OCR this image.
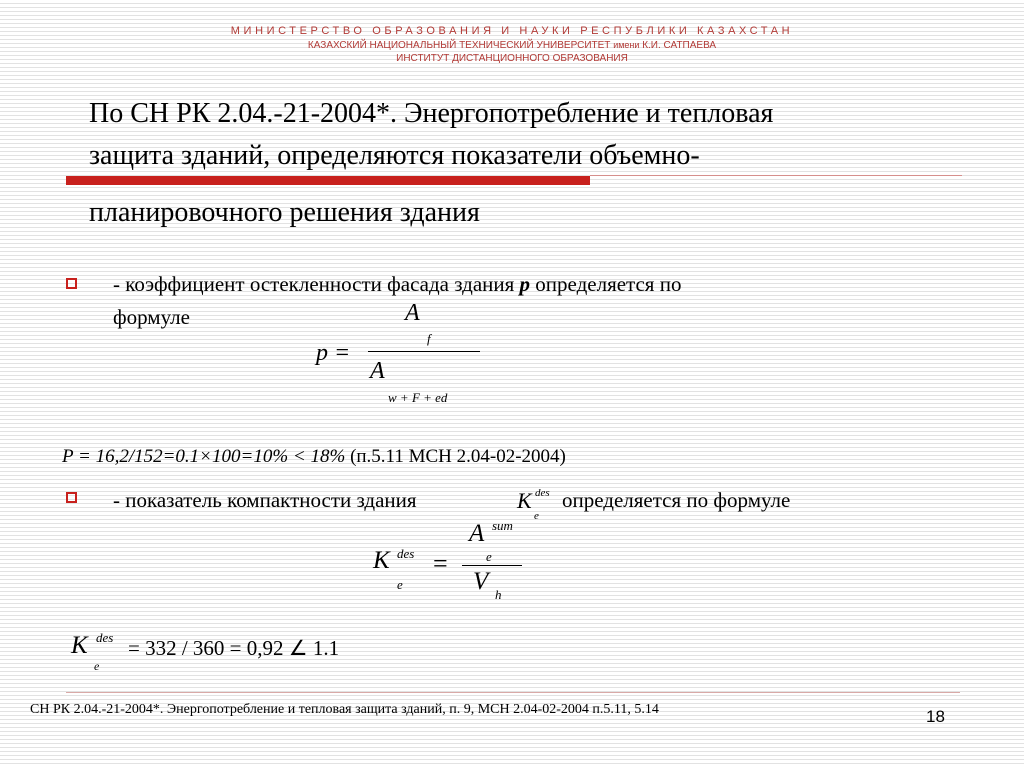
МИНИСТЕРСТВО ОБРАЗОВАНИЯ И НАУКИ РЕСПУБЛИКИ КАЗАХСТАН
КАЗАХСКИЙ НАЦИОНАЛЬНЫЙ ТЕХНИЧЕСКИЙ УНИВЕРСИТЕТ имени К.И. САТПАЕВА
ИНСТИТУТ ДИСТАНЦИОННОГО ОБРАЗОВАНИЯ
По СН РК 2.04.-21-2004*. Энергопотребление и тепловая
защита зданий, определяются показатели объемно-
планировочного решения здания
- коэффициент остекленности фасада здания p определяется по
формуле
p =
A
f
A
w + F + ed
P = 16,2/152=0.1×100=10% < 18% (п.5.11 МСН 2.04-02-2004)
- показатель компактности здания	K des
e
определяется по формуле
K des
e
=
A sum
e
V h
K des
e
= 332 / 360 = 0,92 ∠ 1.1
СН РК 2.04.-21-2004*. Энергопотребление и тепловая защита зданий, п. 9, МСН 2.04-02-2004 п.5.11, 5.14	18
